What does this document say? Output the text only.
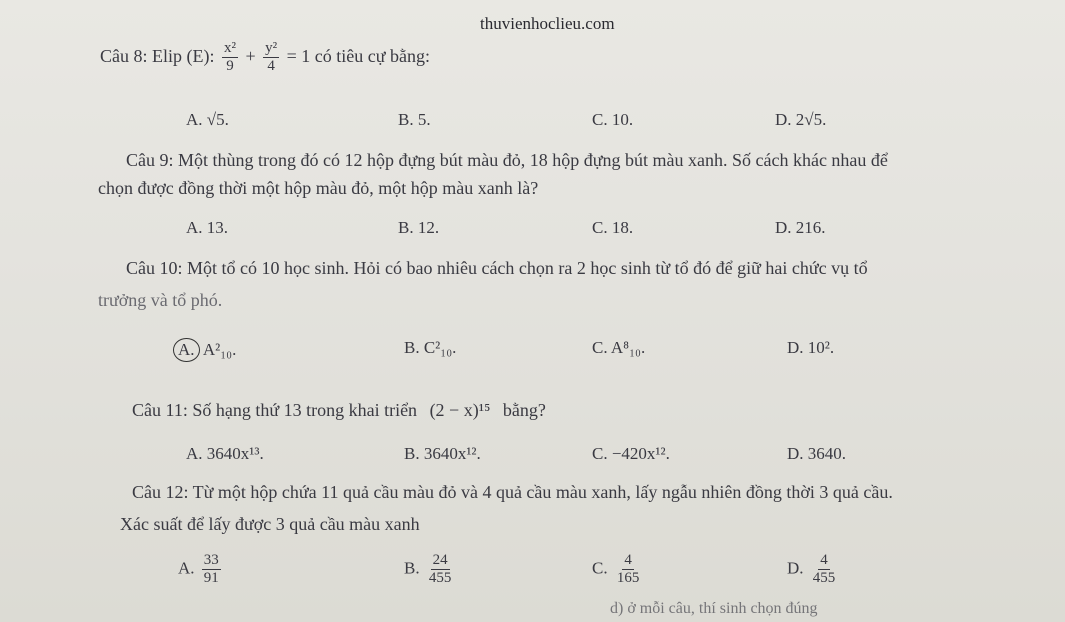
thuvienhoclieu.com
Câu 8: Elip (E): $\frac{\text{x²}}{9} + \frac{\text{y²}}{4} = 1$ có tiêu cự bằng:
A. √5.	B. 5.	C. 10.	D. 2√5.
Câu 9: Một thùng trong đó có 12 hộp đựng bút màu đỏ, 18 hộp đựng bút màu xanh. Số cách khác nhau để
chọn được đồng thời một hộp màu đỏ, một hộp màu xanh là?
A. 13.	B. 12.	C. 18.	D. 216.
Câu 10: Một tổ có 10 học sinh. Hỏi có bao nhiêu cách chọn ra 2 học sinh từ tổ đó để giữ hai chức vụ tổ
trưởng và tổ phó.
A. A²₁₀.	B. C²₁₀.	C. A⁸₁₀.	D. 10².
Câu 11: Số hạng thứ 13 trong khai triển (2 − x)¹⁵ bằng?
A. 3640x¹³.	B. 3640x¹².	C. −420x¹².	D. 3640.
Câu 12: Từ một hộp chứa 11 quả cầu màu đỏ và 4 quả cầu màu xanh, lấy ngẫu nhiên đồng thời 3 quả cầu.
Xác suất để lấy được 3 quả cầu màu xanh
A. $\frac{33}{91}$	B. $\frac{24}{455}$	C. $\frac{4}{165}$	D. $\frac{4}{455}$
d) ở mỗi câu, thí sinh chọn đúng
